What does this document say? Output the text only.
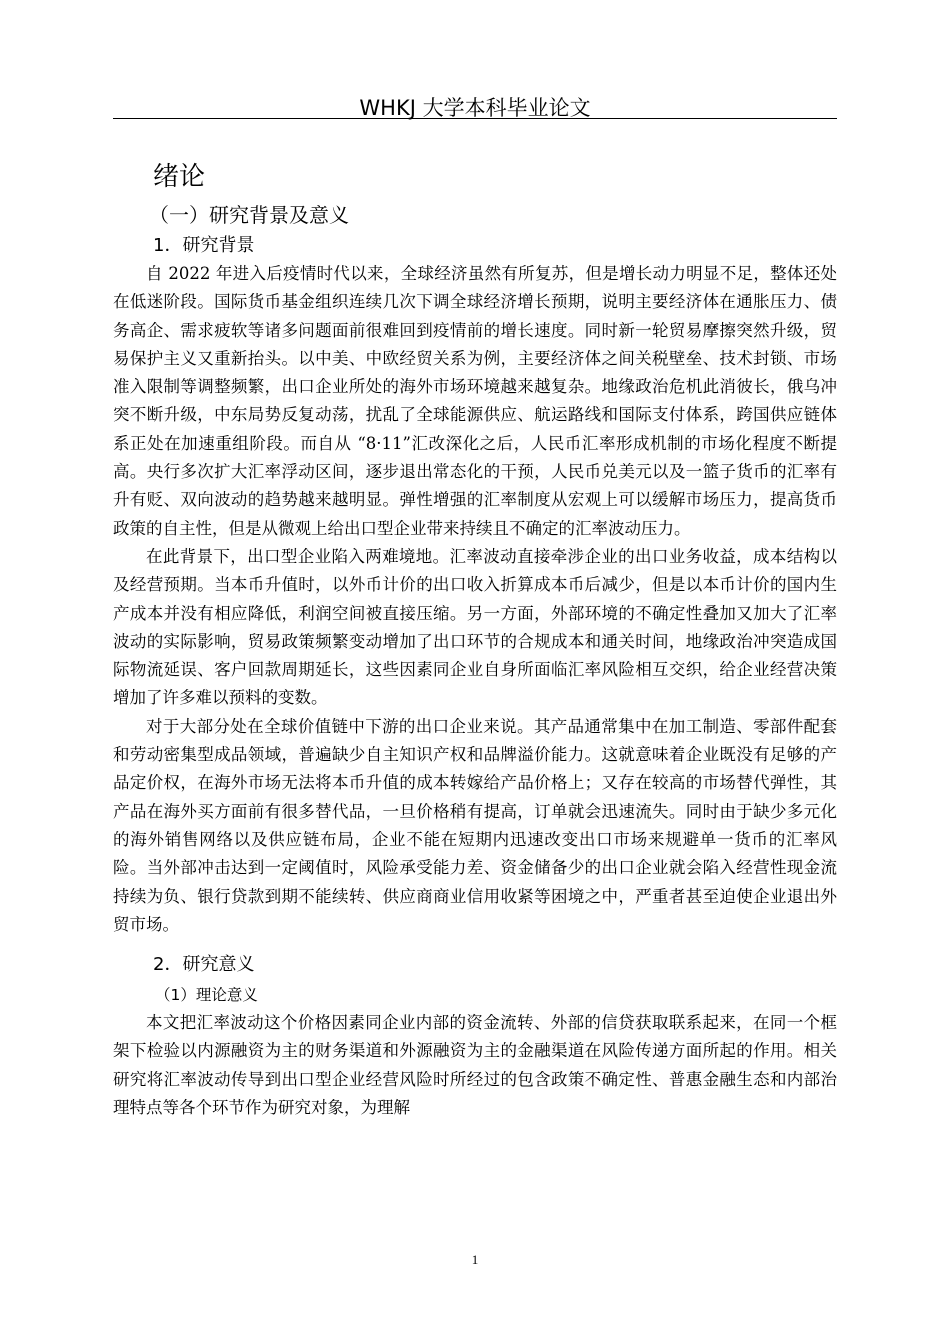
WHKJ 大学本科毕业论文
绪论
（一）研究背景及意义
1．研究背景

自 2022 年进入后疫情时代以来，全球经济虽然有所复苏，但是增长动力明显不足，整体还处在低迷阶段。国际货币基金组织连续几次下调全球经济增长预期，说明主要经济体在通胀压力、债务高企、需求疲软等诸多问题面前很难回到疫情前的增长速度。同时新一轮贸易摩擦突然升级，贸易保护主义又重新抬头。以中美、中欧经贸关系为例，主要经济体之间关税壁垒、技术封锁、市场准入限制等调整频繁，出口企业所处的海外市场环境越来越复杂。地缘政治危机此消彼长，俄乌冲突不断升级，中东局势反复动荡，扰乱了全球能源供应、航运路线和国际支付体系，跨国供应链体系正处在加速重组阶段。而自从 “8·11”汇改深化之后，人民币汇率形成机制的市场化程度不断提高。央行多次扩大汇率浮动区间，逐步退出常态化的干预，人民币兑美元以及一篮子货币的汇率有升有贬、双向波动的趋势越来越明显。弹性增强的汇率制度从宏观上可以缓解市场压力，提高货币政策的自主性，但是从微观上给出口型企业带来持续且不确定的汇率波动压力。

在此背景下，出口型企业陷入两难境地。汇率波动直接牵涉企业的出口业务收益，成本结构以及经营预期。当本币升值时，以外币计价的出口收入折算成本币后减少，但是以本币计价的国内生产成本并没有相应降低，利润空间被直接压缩。另一方面，外部环境的不确定性叠加又加大了汇率波动的实际影响，贸易政策频繁变动增加了出口环节的合规成本和通关时间，地缘政治冲突造成国际物流延误、客户回款周期延长，这些因素同企业自身所面临汇率风险相互交织，给企业经营决策增加了许多难以预料的变数。

对于大部分处在全球价值链中下游的出口企业来说。其产品通常集中在加工制造、零部件配套和劳动密集型成品领域，普遍缺少自主知识产权和品牌溢价能力。这就意味着企业既没有足够的产品定价权，在海外市场无法将本币升值的成本转嫁给产品价格上；又存在较高的市场替代弹性，其产品在海外买方面前有很多替代品，一旦价格稍有提高，订单就会迅速流失。同时由于缺少多元化的海外销售网络以及供应链布局，企业不能在短期内迅速改变出口市场来规避单一货币的汇率风险。当外部冲击达到一定阈值时，风险承受能力差、资金储备少的出口企业就会陷入经营性现金流持续为负、银行贷款到期不能续转、供应商商业信用收紧等困境之中，严重者甚至迫使企业退出外贸市场。

2．研究意义
（1）理论意义

本文把汇率波动这个价格因素同企业内部的资金流转、外部的信贷获取联系起来，在同一个框架下检验以内源融资为主的财务渠道和外源融资为主的金融渠道在风险传递方面所起的作用。相关研究将汇率波动传导到出口型企业经营风险时所经过的包含政策不确定性、普惠金融生态和内部治理特点等各个环节作为研究对象，为理解

1
